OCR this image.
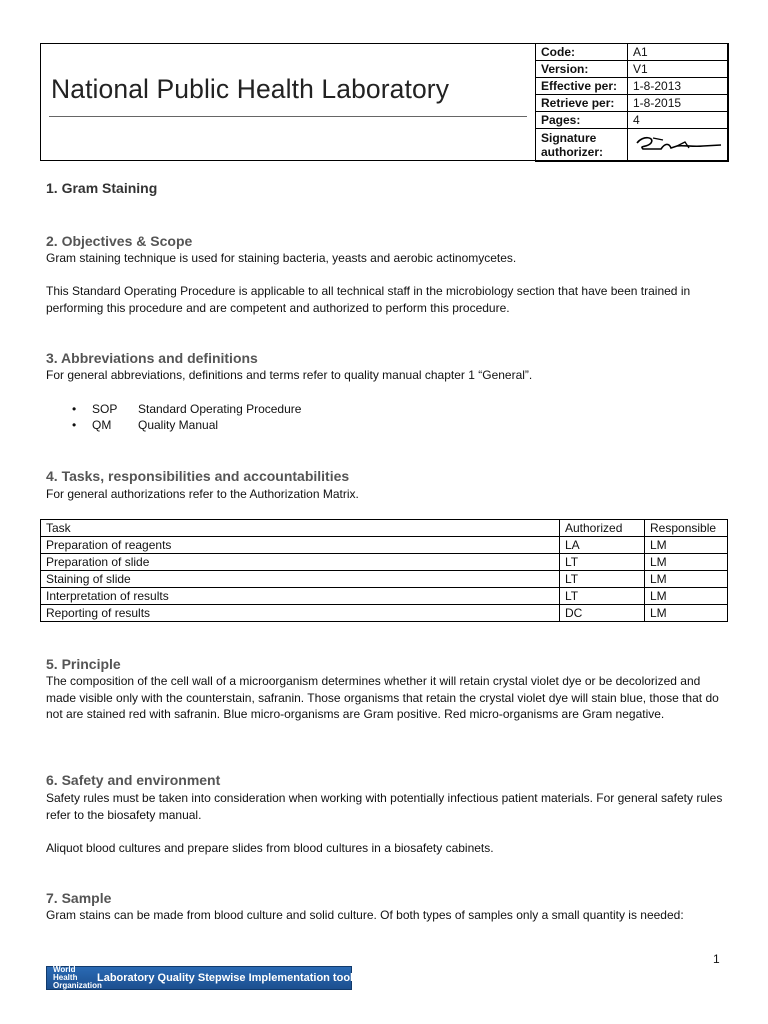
National Public Health Laboratory
Code:	A1
Version:	V1
Effective per:	1-8-2013
Retrieve per:	1-8-2015
Pages:	4
Signature authorizer:	
1. Gram Staining
2. Objectives & Scope
Gram staining technique is used for staining bacteria, yeasts and aerobic actinomycetes.
This Standard Operating Procedure is applicable to all technical staff in the microbiology section that have been trained in performing this procedure and are competent and authorized to perform this procedure.
3. Abbreviations and definitions
For general abbreviations, definitions and terms refer to quality manual chapter 1 “General”.
• SOP Standard Operating Procedure
• QM Quality Manual
4. Tasks, responsibilities and accountabilities
For general authorizations refer to the Authorization Matrix.
Task	Authorized	Responsible
Preparation of reagents	LA	LM
Preparation of slide	LT	LM
Staining of slide	LT	LM
Interpretation of results	LT	LM
Reporting of results	DC	LM
5. Principle
The composition of the cell wall of a microorganism determines whether it will retain crystal violet dye or be decolorized and made visible only with the counterstain, safranin. Those organisms that retain the crystal violet dye will stain blue, those that do not are stained red with safranin. Blue micro-organisms are Gram positive. Red micro-organisms are Gram negative.
6. Safety and environment
Safety rules must be taken into consideration when working with potentially infectious patient materials. For general safety rules refer to the biosafety manual.
Aliquot blood cultures and prepare slides from blood cultures in a biosafety cabinets.
7. Sample
Gram stains can be made from blood culture and solid culture. Of both types of samples only a small quantity is needed:
1
World Health Organization
Laboratory Quality Stepwise Implementation tool
